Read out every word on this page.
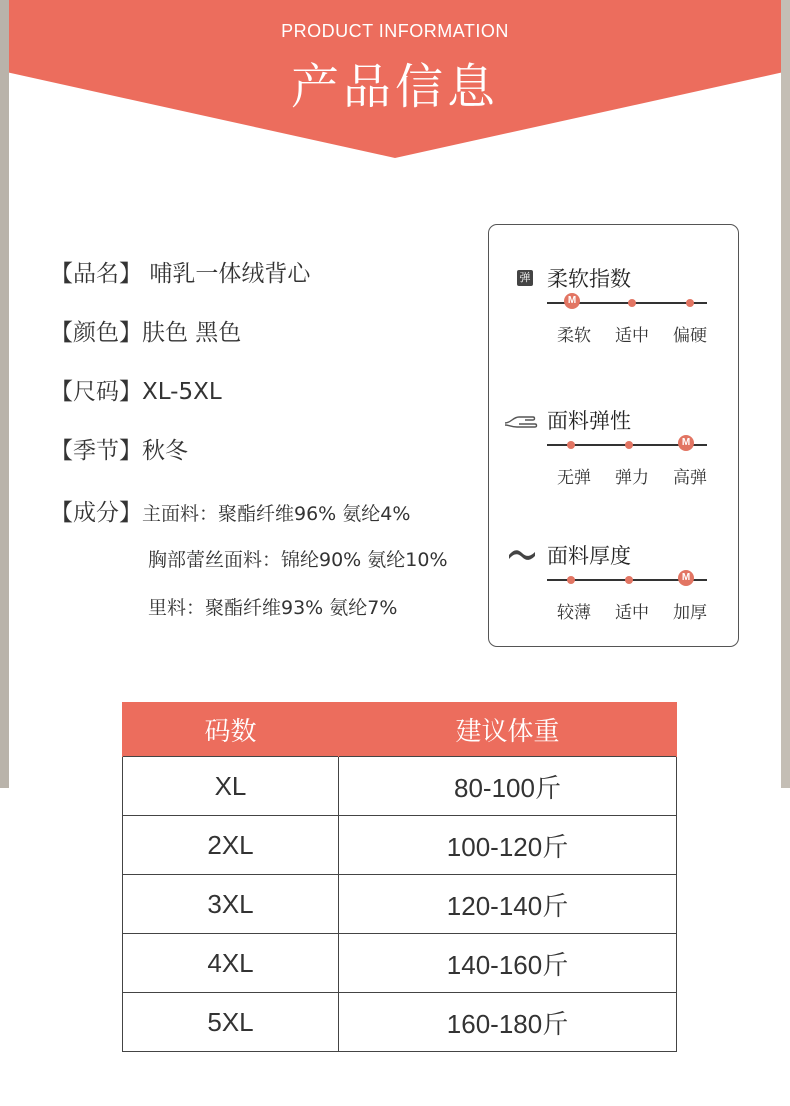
PRODUCT INFORMATION
产品信息
【品名】 哺乳一体绒背心
【颜色】肤色 黑色
【尺码】XL-5XL
【季节】秋冬
【成分】主面料：聚酯纤维96% 氨纶4%
胸部蕾丝面料：锦纶90% 氨纶10%
里料：聚酯纤维93% 氨纶7%
弹 柔软指数
M
柔软	适中	偏硬
面料弹性
M
无弹	弹力	高弹
面料厚度
M
较薄	适中	加厚
码数	建议体重
XL	80-100斤
2XL	100-120斤
3XL	120-140斤
4XL	140-160斤
5XL	160-180斤
